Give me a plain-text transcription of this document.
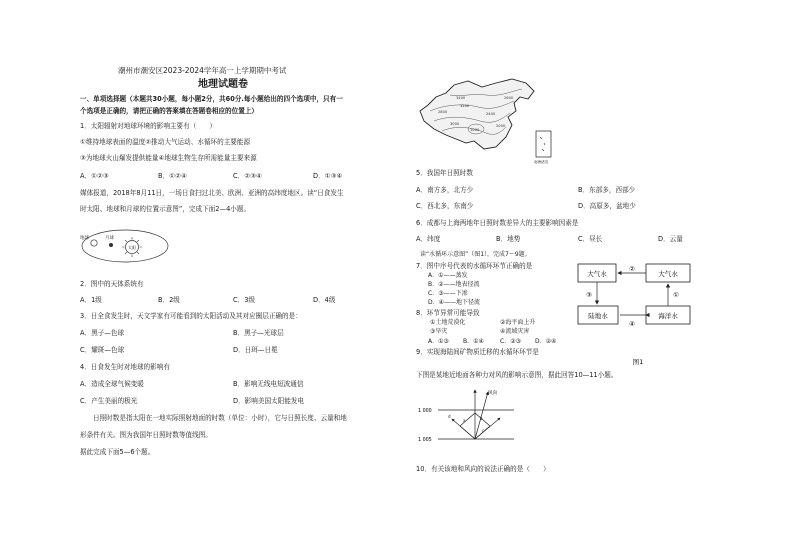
潮州市潮安区2023-2024学年高一上学期期中考试
地理试题卷
一、单项选择题（本题共30小题，每小题2分，共60分.每小题给出的四个选项中，只有一
个选项是正确的，请把正确的答案填在答题卷相应的位置上）
1．太阳辐射对地球环境的影响主要有（　　）
①维持地球表面的温度②推动大气运动、水循环的主要能源
③为地球火山爆发提供能量④地球生物生存所需能量主要来源
A．①②③	B．①②④	C．②③④	D．①③④
媒体报道，2018年8月11日，一场日食扫过北美、欧洲、亚洲的高纬度地区。读“日食发生
时太阳、地球和月球的位置示意图”，完成下面2—4小题。
地球	月球
太阳
2．图中的天体系统有
A．1级	B．2级	C．3级	D．4级
3．日全食发生时，天文学家有可能看到的太阳活动及其对应圈层正确的是：
A．黑子—色球	B．黑子—光球层
C．耀斑—色球	D．日珥—日冕
4．日食发生时对地球的影响有
A．造成全球气候变暖	B．影响无线电短波通信
C．产生美丽的极光	D．影响美国太阳能发电
日照时数是指太阳在一地实际照射地面的时数（单位：小时），它与日照长度、云量和地
形条件有关。图为我国年日照时数等值线图。
据此完成下面5—6个题。
2800
3200
2400
1000
2000
3000
2600
3400
南海诸岛
5．我国年日照时数
A．南方多，北方少	B．东部多，西部少
C．西北多，东南少	D．高原多，盆地少
6．成都与上海两地年日照时数差异大的主要影响因素是
A．纬度	B．地势	C．昼长	D．云量
读“水循环示意图”（图1），完成7～9题。
7．图中序号代表的水循环环节正确的是
A．①——蒸发
B．②——地表径流
C．③——下渗
D．④——地下径流
8．环节异常可能导致
①土地荒漠化	②海平面上升
③旱灾	④流域灾害
A．①③ B．①④	C．②③ D．②④
9．实现海陆间矿物质迁移的水循环环节是
大气水	大气水
陆地水	海洋水
②
③	①
④
图1
下图是某地近地面各种力对风的影响示意图，据此回答10—11小题。
1 000
1 005
风向
a	b
c
d
10．有关该地和风向的说法正确的是（　　）
